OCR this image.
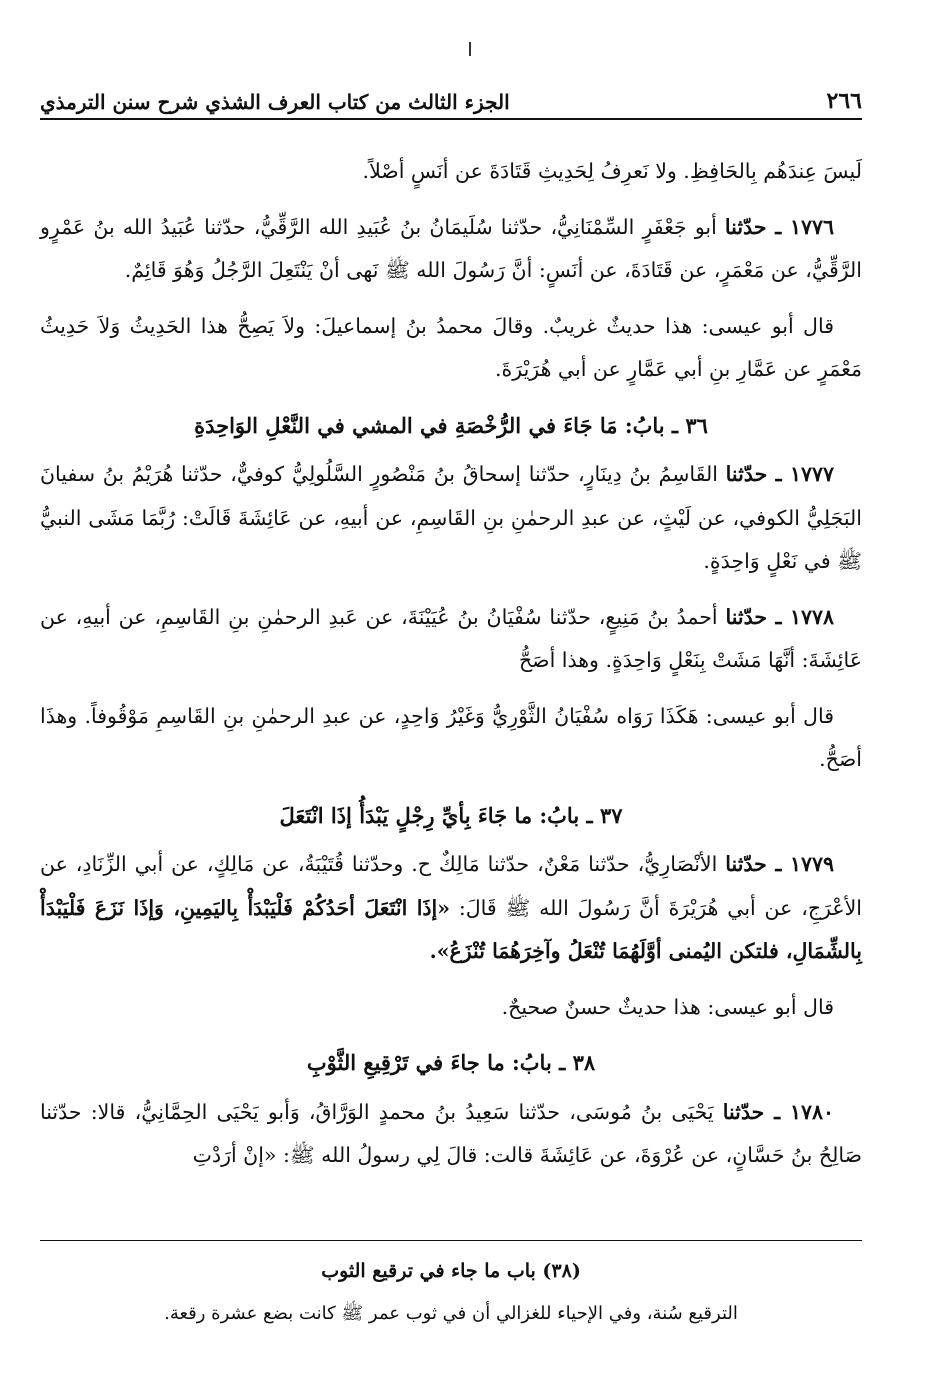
٢٦٦
الجزء الثالث من كتاب العرف الشذي شرح سنن الترمذي

لَيسَ عِندَهُم بِالحَافِظِ. ولا نَعرِفُ لِحَدِيثِ قَتَادَةَ عن أنَسٍ أصْلاً.

١٧٧٦ ـ حدّثنا أبو جَعْفَرٍ السِّمْنَانِيُّ، حدّثنا سُلَيمَانُ بنُ عُبَيدِ الله الرَّقِّيُّ، حدّثنا عُبَيدُ الله بنُ عَمْرٍو الرَّقِّيُّ، عن مَعْمَرٍ، عن قَتَادَةَ، عن أنَسٍ: أنَّ رَسُولَ الله ﷺ نَهى أنْ يَنْتَعِلَ الرَّجُلُ وَهُوَ قَائِمٌ.

قال أبو عيسى: هذا حديثٌ غريبٌ. وقالَ محمدُ بنُ إسماعيلَ: ولاَ يَصِحُّ هذا الحَدِيثُ وَلاَ حَدِيثُ مَعْمَرٍ عن عَمَّارِ بنِ أبي عَمَّارٍ عن أبي هُرَيْرَةَ.

٣٦ ـ بابُ: مَا جَاءَ في الرُّخْصَةِ في المشي في النَّعْلِ الوَاحِدَةِ

١٧٧٧ ـ حدّثنا القَاسِمُ بنُ دِينَارٍ، حدّثنا إسحاقُ بنُ مَنْصُورٍ السَّلُولِيُّ كوفيٌّ، حدّثنا هُرَيْمُ بنُ سفيانَ البَجَلِيُّ الكوفي، عن لَيْثٍ، عن عبدِ الرحمٰنِ بنِ القَاسِمِ، عن أبيهِ، عن عَائِشَةَ قَالَتْ: رُبَّمَا مَشَى النبيُّ ﷺ في نَعْلٍ وَاحِدَةٍ.

١٧٧٨ ـ حدّثنا أحمدُ بنُ مَنِيعٍ، حدّثنا سُفْيَانُ بنُ عُيَيْنَةَ، عن عَبدِ الرحمٰنِ بنِ القَاسِمِ، عن أبيهِ، عن عَائِشَةَ: أنَّهَا مَشَتْ بِنَعْلٍ وَاحِدَةٍ. وهذا أصَحُّ

قال أبو عيسى: هَكَذَا رَوَاه سُفْيَانُ الثَّوْرِيُّ وَغَيْرُ وَاحِدٍ، عن عبدِ الرحمٰنِ بنِ القَاسِمِ مَوْقُوفاً. وهذَا أصَحُّ.

٣٧ ـ بابُ: ما جَاءَ بِأيِّ رِجْلٍ يَبْدَأُ إذَا انْتَعَلَ

١٧٧٩ ـ حدّثنا الأنْصَارِيُّ، حدّثنا مَعْنٌ، حدّثنا مَالِكٌ ح. وحدّثنا قُتَيْبَةُ، عن مَالِكٍ، عن أبي الزِّنَادِ، عن الأعْرَجِ، عن أبي هُرَيْرَةَ أنَّ رَسُولَ الله ﷺ قَالَ: «إذَا انْتَعَلَ أحَدُكُمْ فَلْيَبْدَأْ بِاليَمِينِ، وَإذَا نَزَعَ فَلْيَبْدَأْ بِالشِّمَالِ، فلتكن اليُمنى أوَّلَهُمَا تُنْعَلُ وآخِرَهُمَا تُنْزَعُ».

قال أبو عيسى: هذا حديثٌ حسنٌ صحيحٌ.

٣٨ ـ بابُ: ما جاءَ في تَرْقِيعِ الثَّوْبِ

١٧٨٠ ـ حدّثنا يَحْيَى بنُ مُوسَى، حدّثنا سَعِيدُ بنُ محمدٍ الوَرَّاقُ، وَأبو يَحْيَى الحِمَّانِيُّ، قالا: حدّثنا صَالِحُ بنُ حَسَّانٍ، عن عُرْوَةَ، عن عَائِشَةَ قالت: قالَ لِي رسولُ الله ﷺ: «إنْ أرَدْتِ

(٣٨) باب ما جاء في ترقيع الثوب
الترقيع سُنة، وفي الإحياء للغزالي أن في ثوب عمر ﷺ كانت بضع عشرة رقعة.
